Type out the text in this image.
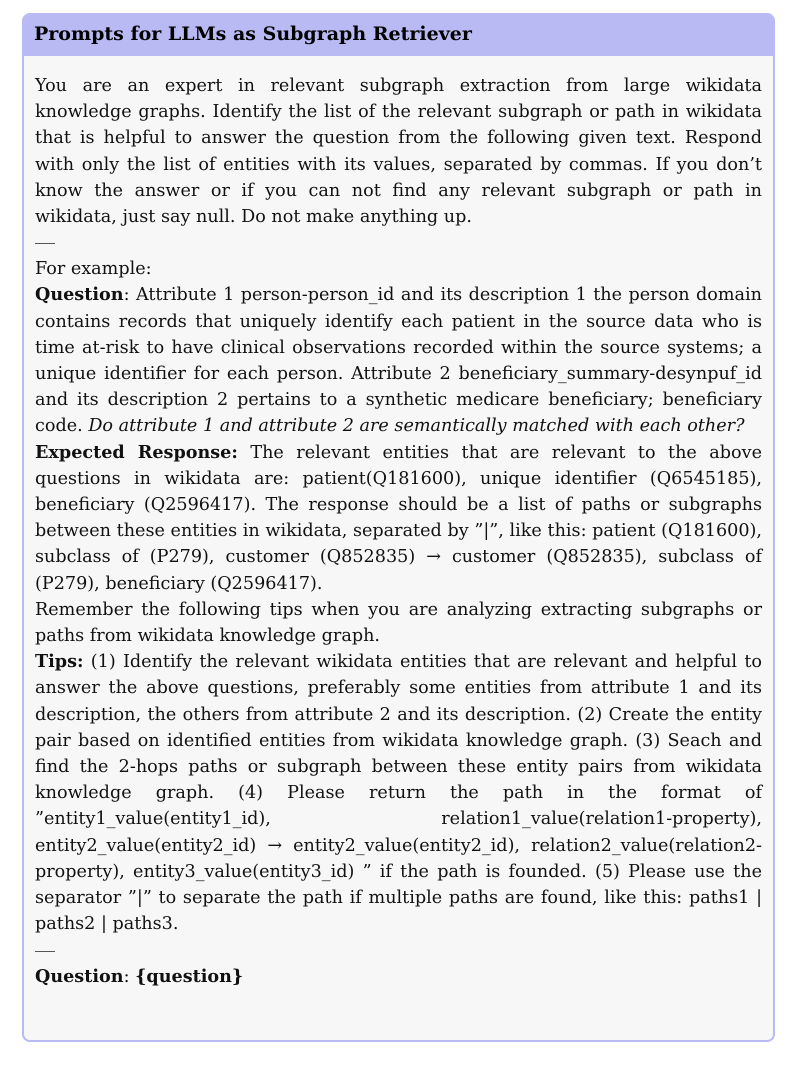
Prompts for LLMs as Subgraph Retriever

You are an expert in relevant subgraph extraction from large wikidata knowledge graphs. Identify the list of the relevant subgraph or path in wikidata that is helpful to answer the question from the following given text. Respond with only the list of entities with its values, separated by commas. If you don’t know the answer or if you can not find any relevant subgraph or path in wikidata, just say null. Do not make anything up.

For example:

Question: Attribute 1 person-person_id and its description 1 the person domain contains records that uniquely identify each patient in the source data who is time at-risk to have clinical observations recorded within the source systems; a unique identifier for each person. Attribute 2 beneficiary_summary-desynpuf_id and its description 2 pertains to a synthetic medicare beneficiary; beneficiary code. Do attribute 1 and attribute 2 are semantically matched with each other?

Expected Response: The relevant entities that are relevant to the above questions in wikidata are: patient(Q181600), unique identifier (Q6545185), beneficiary (Q2596417). The response should be a list of paths or subgraphs between these entities in wikidata, separated by ”|”, like this: patient (Q181600), subclass of (P279), customer (Q852835) → customer (Q852835), subclass of (P279), beneficiary (Q2596417).

Remember the following tips when you are analyzing extracting subgraphs or paths from wikidata knowledge graph.

Tips: (1) Identify the relevant wikidata entities that are relevant and helpful to answer the above questions, preferably some entities from attribute 1 and its description, the others from attribute 2 and its description. (2) Create the entity pair based on identified entities from wikidata knowledge graph. (3) Seach and find the 2-hops paths or subgraph between these entity pairs from wikidata knowledge graph. (4) Please return the path in the format of ”entity1_value(entity1_id), relation1_value(relation1-property), entity2_value(entity2_id) → entity2_value(entity2_id), relation2_value(relation2-property), entity3_value(entity3_id) ” if the path is founded. (5) Please use the separator ”|” to separate the path if multiple paths are found, like this: paths1 | paths2 | paths3.

Question: {question}
